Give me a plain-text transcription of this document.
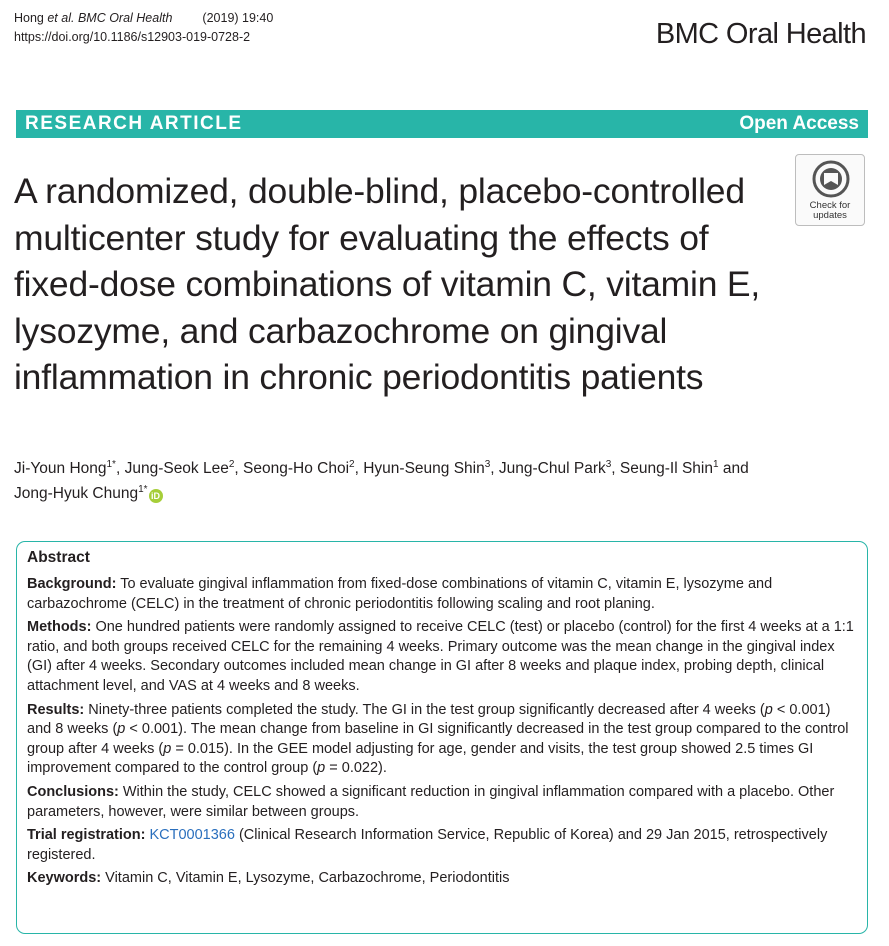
Hong et al. BMC Oral Health (2019) 19:40
https://doi.org/10.1186/s12903-019-0728-2	BMC Oral Health
RESEARCH ARTICLE	Open Access
A randomized, double-blind, placebo-controlled multicenter study for evaluating the effects of fixed-dose combinations of vitamin C, vitamin E, lysozyme, and carbazochrome on gingival inflammation in chronic periodontitis patients
Check for
updates
Ji-Youn Hong$^{1*}$, Jung-Seok Lee$^2$, Seong-Ho Choi$^2$, Hyun-Seung Shin$^3$, Jung-Chul Park$^3$, Seung-Il Shin$^1$ and
Jong-Hyuk Chung$^{1*}$iD
Abstract

Background: To evaluate gingival inflammation from fixed-dose combinations of vitamin C, vitamin E, lysozyme and carbazochrome (CELC) in the treatment of chronic periodontitis following scaling and root planing.

Methods: One hundred patients were randomly assigned to receive CELC (test) or placebo (control) for the first 4 weeks at a 1:1 ratio, and both groups received CELC for the remaining 4 weeks. Primary outcome was the mean change in the gingival index (GI) after 4 weeks. Secondary outcomes included mean change in GI after 8 weeks and plaque index, probing depth, clinical attachment level, and VAS at 4 weeks and 8 weeks.

Results: Ninety-three patients completed the study. The GI in the test group significantly decreased after 4 weeks (p < 0.001) and 8 weeks (p < 0.001). The mean change from baseline in GI significantly decreased in the test group compared to the control group after 4 weeks (p = 0.015). In the GEE model adjusting for age, gender and visits, the test group showed 2.5 times GI improvement compared to the control group (p = 0.022).

Conclusions: Within the study, CELC showed a significant reduction in gingival inflammation compared with a placebo. Other parameters, however, were similar between groups.

Trial registration: KCT0001366 (Clinical Research Information Service, Republic of Korea) and 29 Jan 2015, retrospectively registered.

Keywords: Vitamin C, Vitamin E, Lysozyme, Carbazochrome, Periodontitis
